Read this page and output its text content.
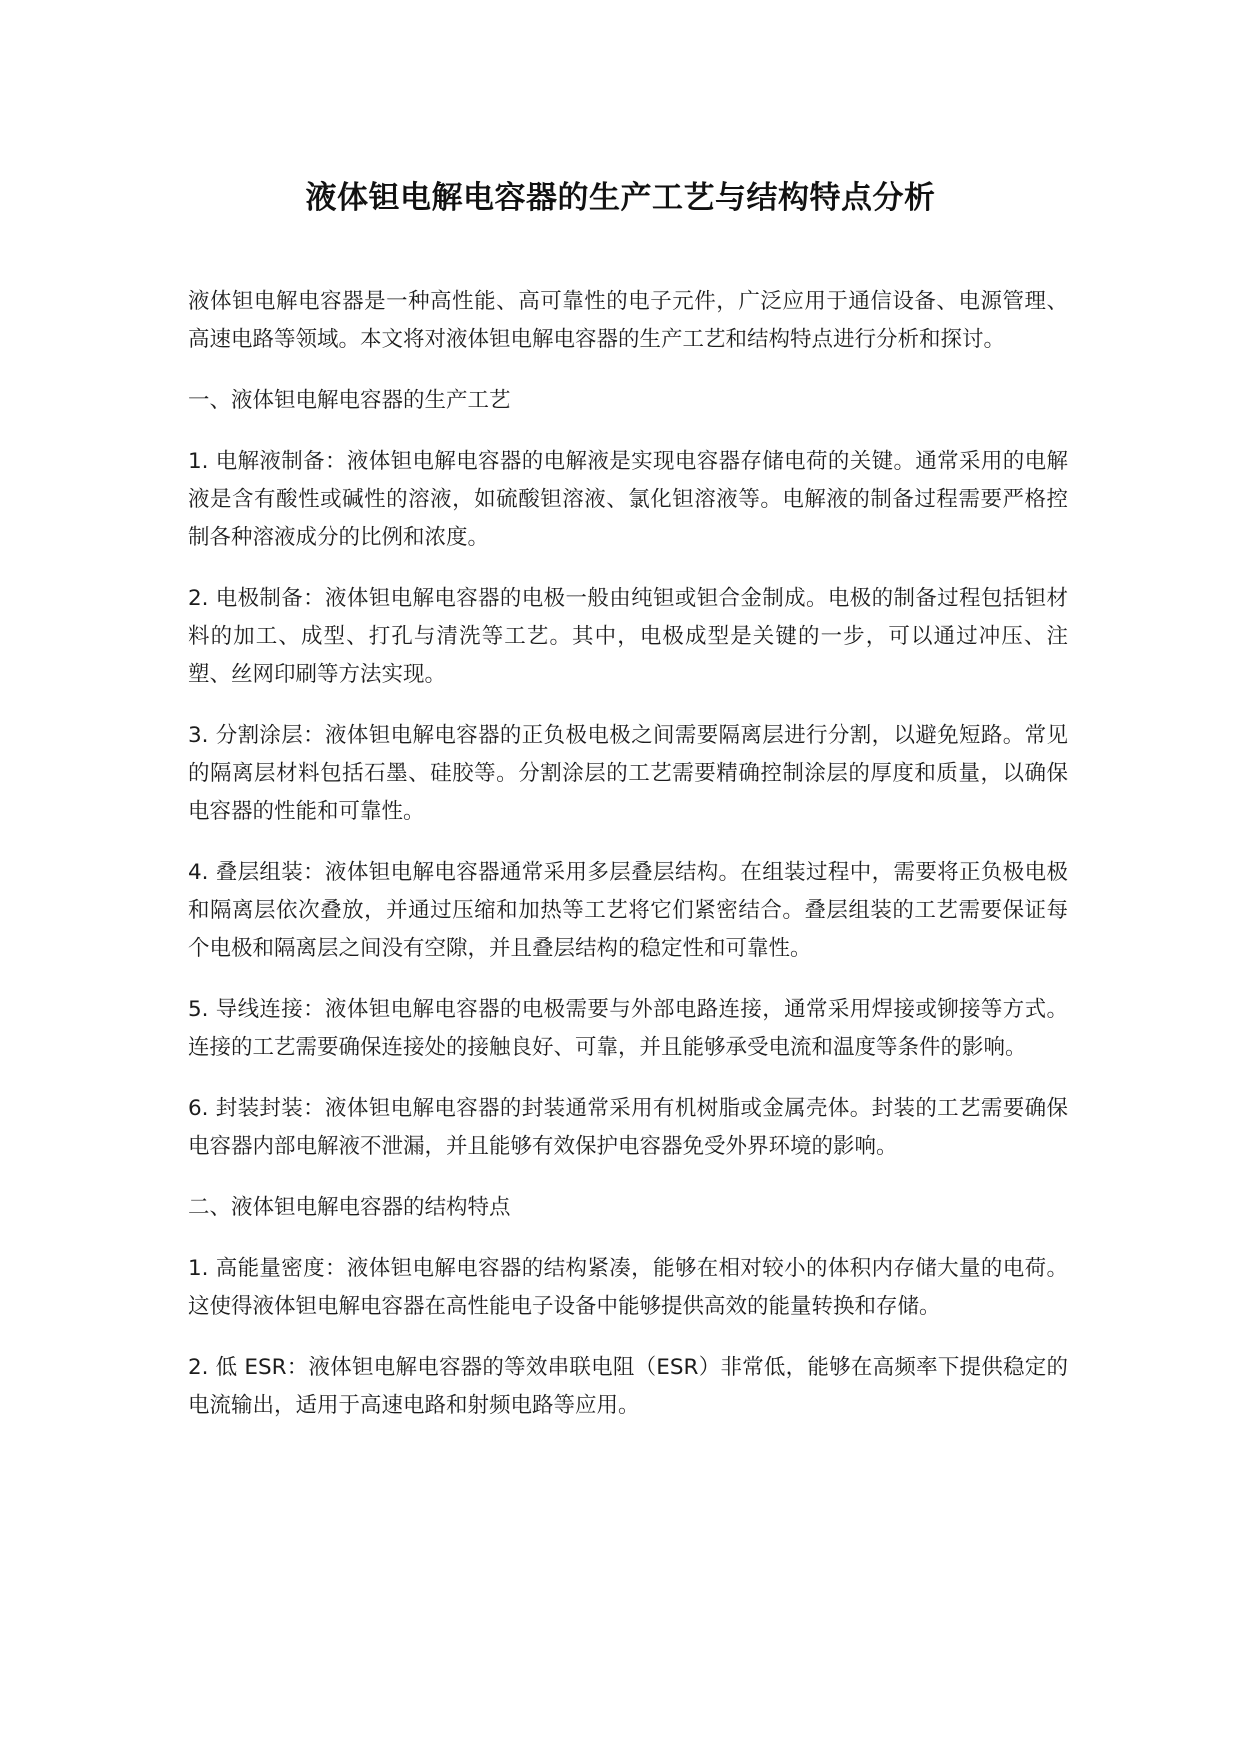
液体钽电解电容器的生产工艺与结构特点分析

液体钽电解电容器是一种高性能、高可靠性的电子元件，广泛应用于通信设备、电源管理、高速电路等领域。本文将对液体钽电解电容器的生产工艺和结构特点进行分析和探讨。

一、液体钽电解电容器的生产工艺

1. 电解液制备：液体钽电解电容器的电解液是实现电容器存储电荷的关键。通常采用的电解液是含有酸性或碱性的溶液，如硫酸钽溶液、氯化钽溶液等。电解液的制备过程需要严格控制各种溶液成分的比例和浓度。

2. 电极制备：液体钽电解电容器的电极一般由纯钽或钽合金制成。电极的制备过程包括钽材料的加工、成型、打孔与清洗等工艺。其中，电极成型是关键的一步，可以通过冲压、注塑、丝网印刷等方法实现。

3. 分割涂层：液体钽电解电容器的正负极电极之间需要隔离层进行分割，以避免短路。常见的隔离层材料包括石墨、硅胶等。分割涂层的工艺需要精确控制涂层的厚度和质量，以确保电容器的性能和可靠性。

4. 叠层组装：液体钽电解电容器通常采用多层叠层结构。在组装过程中，需要将正负极电极和隔离层依次叠放，并通过压缩和加热等工艺将它们紧密结合。叠层组装的工艺需要保证每个电极和隔离层之间没有空隙，并且叠层结构的稳定性和可靠性。

5. 导线连接：液体钽电解电容器的电极需要与外部电路连接，通常采用焊接或铆接等方式。连接的工艺需要确保连接处的接触良好、可靠，并且能够承受电流和温度等条件的影响。

6. 封装封装：液体钽电解电容器的封装通常采用有机树脂或金属壳体。封装的工艺需要确保电容器内部电解液不泄漏，并且能够有效保护电容器免受外界环境的影响。

二、液体钽电解电容器的结构特点

1. 高能量密度：液体钽电解电容器的结构紧凑，能够在相对较小的体积内存储大量的电荷。这使得液体钽电解电容器在高性能电子设备中能够提供高效的能量转换和存储。

2. 低 ESR：液体钽电解电容器的等效串联电阻（ESR）非常低，能够在高频率下提供稳定的电流输出，适用于高速电路和射频电路等应用。
